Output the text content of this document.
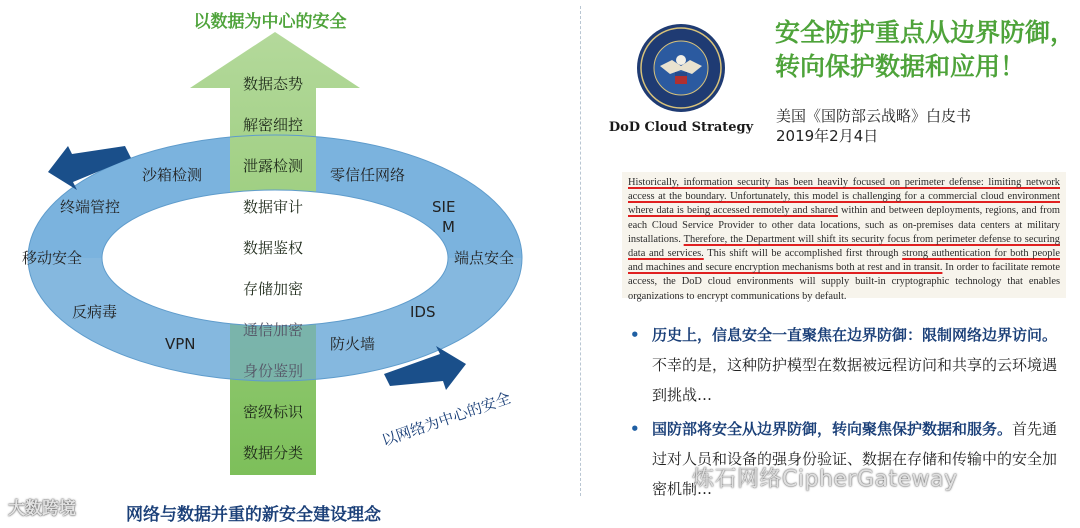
以数据为中心的安全
沙箱检测	零信任网络
终端管控	SIE
M
移动安全	端点安全
反病毒	IDS
VPN	防火墙
数据态势
解密细控
泄露检测
数据审计
数据鉴权
存储加密
通信加密
身份鉴别
密级标识
数据分类
以网络为中心的安全
网络与数据并重的新安全建设理念
大数跨境
DoD Cloud Strategy
安全防护重点从边界防御，
转向保护数据和应用！
美国《国防部云战略》白皮书
2019年2月4日
Historically, information security has been heavily focused on perimeter defense: limiting network access at the boundary. Unfortunately, this model is challenging for a commercial cloud environment where data is being accessed remotely and shared within and between deployments, regions, and from each Cloud Service Provider to other data locations, such as on-premises data centers at military installations. Therefore, the Department will shift its security focus from perimeter defense to securing data and services. This shift will be accomplished first through strong authentication for both people and machines and secure encryption mechanisms both at rest and in transit. In order to facilitate remote access, the DoD cloud environments will supply built-in cryptographic technology that enables organizations to encrypt communications by default.
• 历史上，信息安全一直聚焦在边界防御：限制网络边界访问。不幸的是，这种防护模型在数据被远程访问和共享的云环境遇到挑战…
• 国防部将安全从边界防御，转向聚焦保护数据和服务。首先通过对人员和设备的强身份验证、数据在存储和传输中的安全加密机制…
炼石网络CipherGateway
